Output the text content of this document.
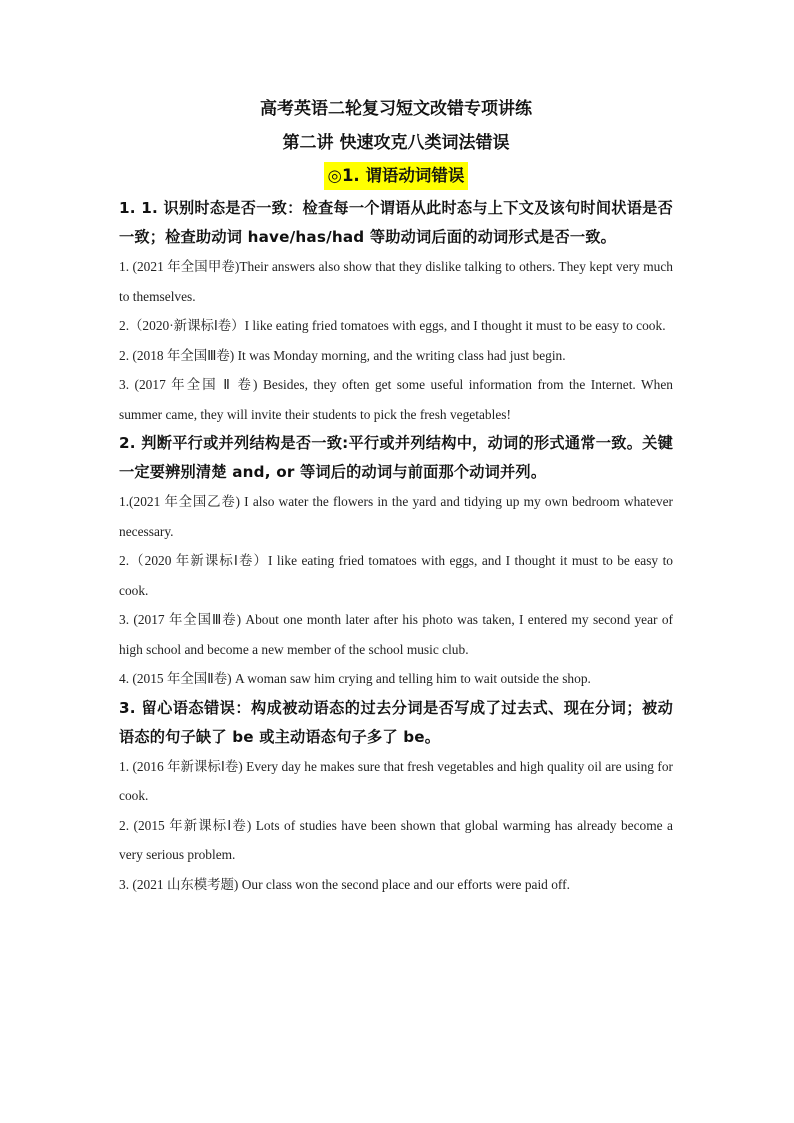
高考英语二轮复习短文改错专项讲练
第二讲 快速攻克八类词法错误
◎1. 谓语动词错误
1. 1. 识别时态是否一致：检查每一个谓语从此时态与上下文及该句时间状语是否一致；检查助动词 have/has/had 等助动词后面的动词形式是否一致。
1. (2021 年全国甲卷)Their answers also show that they dislike talking to others. They kept very much to themselves.
2.（2020·新课标Ⅰ卷）I like eating fried tomatoes with eggs, and I thought it must to be easy to cook.
2. (2018 年全国Ⅲ卷) It was Monday morning, and the writing class had just begin.
3. (2017 年全国 Ⅱ 卷) Besides, they often get some useful information from the Internet. When summer came, they will invite their students to pick the fresh vegetables!
2. 判断平行或并列结构是否一致:平行或并列结构中，动词的形式通常一致。关键一定要辨别清楚 and, or 等词后的动词与前面那个动词并列。
1.(2021 年全国乙卷) I also water the flowers in the yard and tidying up my own bedroom whatever necessary.
2.（2020 年新课标Ⅰ卷）I like eating fried tomatoes with eggs, and I thought it must to be easy to cook.
3. (2017 年全国Ⅲ卷) About one month later after his photo was taken, I entered my second year of high school and become a new member of the school music club.
4. (2015 年全国Ⅱ卷) A woman saw him crying and telling him to wait outside the shop.
3. 留心语态错误：构成被动语态的过去分词是否写成了过去式、现在分词；被动语态的句子缺了 be 或主动语态句子多了 be。
1. (2016 年新课标Ⅰ卷) Every day he makes sure that fresh vegetables and high quality oil are using for cook.
2. (2015 年新课标Ⅰ卷) Lots of studies have been shown that global warming has already become a very serious problem.
3. (2021 山东模考题) Our class won the second place and our efforts were paid off.
